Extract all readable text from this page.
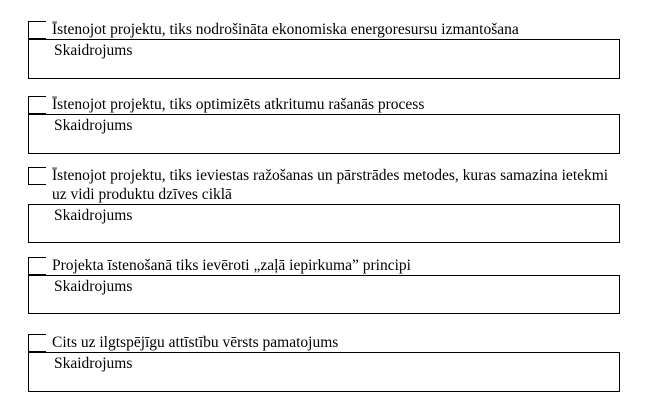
Īstenojot projektu, tiks nodrošināta ekonomiska energoresursu izmantošana
Skaidrojums
Īstenojot projektu, tiks optimizēts atkritumu rašanās process
Skaidrojums
Īstenojot projektu, tiks ieviestas ražošanas un pārstrādes metodes, kuras samazina ietekmi uz vidi produktu dzīves ciklā
Skaidrojums
Projekta īstenošanā tiks ievēroti „zaļā iepirkuma” principi
Skaidrojums
Cits uz ilgtspējīgu attīstību vērsts pamatojums
Skaidrojums
